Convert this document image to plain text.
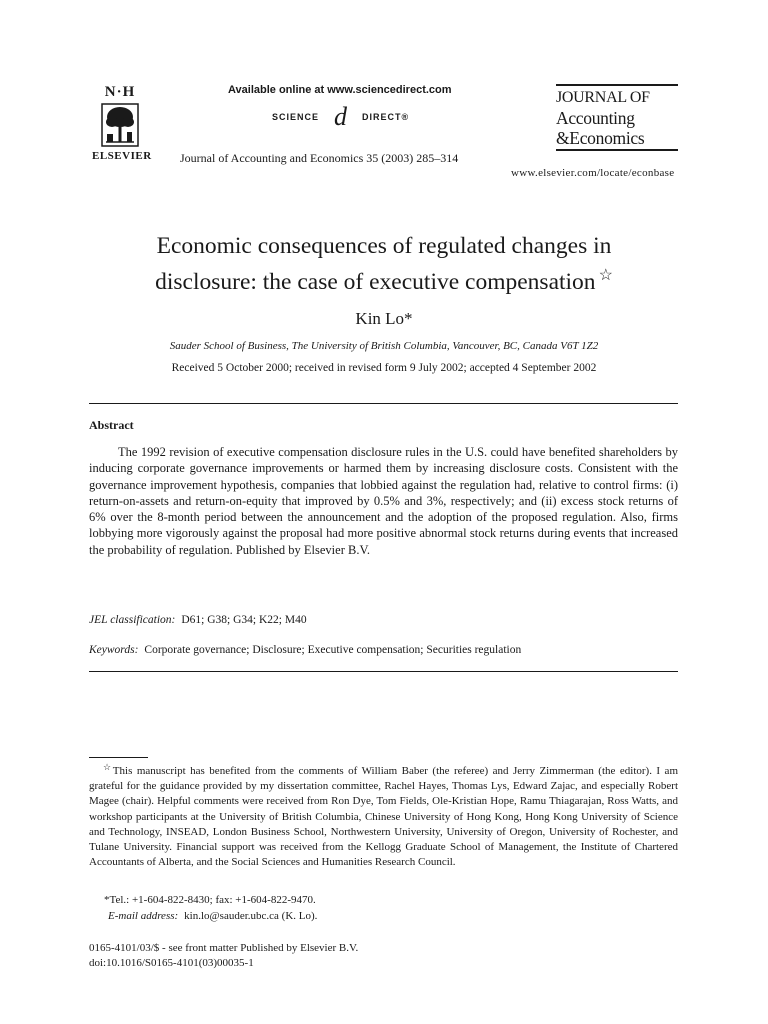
N·H
ELSEVIER
Available online at www.sciencedirect.com
SCIENCE d DIRECT®
Journal of Accounting and Economics 35 (2003) 285–314
JOURNAL OF
Accounting
&Economics
www.elsevier.com/locate/econbase
Economic consequences of regulated changes in
disclosure: the case of executive compensation ☆
Kin Lo*
Sauder School of Business, The University of British Columbia, Vancouver, BC, Canada V6T 1Z2
Received 5 October 2000; received in revised form 9 July 2002; accepted 4 September 2002
Abstract

The 1992 revision of executive compensation disclosure rules in the U.S. could have benefited shareholders by inducing corporate governance improvements or harmed them by increasing disclosure costs. Consistent with the governance improvement hypothesis, companies that lobbied against the regulation had, relative to control firms: (i) return-on-assets and return-on-equity that improved by 0.5% and 3%, respectively; and (ii) excess stock returns of 6% over the 8-month period between the announcement and the adoption of the proposed regulation. Also, firms lobbying more vigorously against the proposal had more positive abnormal stock returns during events that increased the probability of regulation. Published by Elsevier B.V.

JEL classification: D61; G38; G34; K22; M40
Keywords: Corporate governance; Disclosure; Executive compensation; Securities regulation

☆This manuscript has benefited from the comments of William Baber (the referee) and Jerry Zimmerman (the editor). I am grateful for the guidance provided by my dissertation committee, Rachel Hayes, Thomas Lys, Edward Zajac, and especially Robert Magee (chair). Helpful comments were received from Ron Dye, Tom Fields, Ole-Kristian Hope, Ramu Thiagarajan, Ross Watts, and workshop participants at the University of British Columbia, Chinese University of Hong Kong, Hong Kong University of Science and Technology, INSEAD, London Business School, Northwestern University, University of Oregon, University of Rochester, and Tulane University. Financial support was received from the Kellogg Graduate School of Management, the Institute of Chartered Accountants of Alberta, and the Social Sciences and Humanities Research Council.

*Tel.: +1-604-822-8430; fax: +1-604-822-9470.
E-mail address: kin.lo@sauder.ubc.ca (K. Lo).
0165-4101/03/$ - see front matter Published by Elsevier B.V.
doi:10.1016/S0165-4101(03)00035-1
